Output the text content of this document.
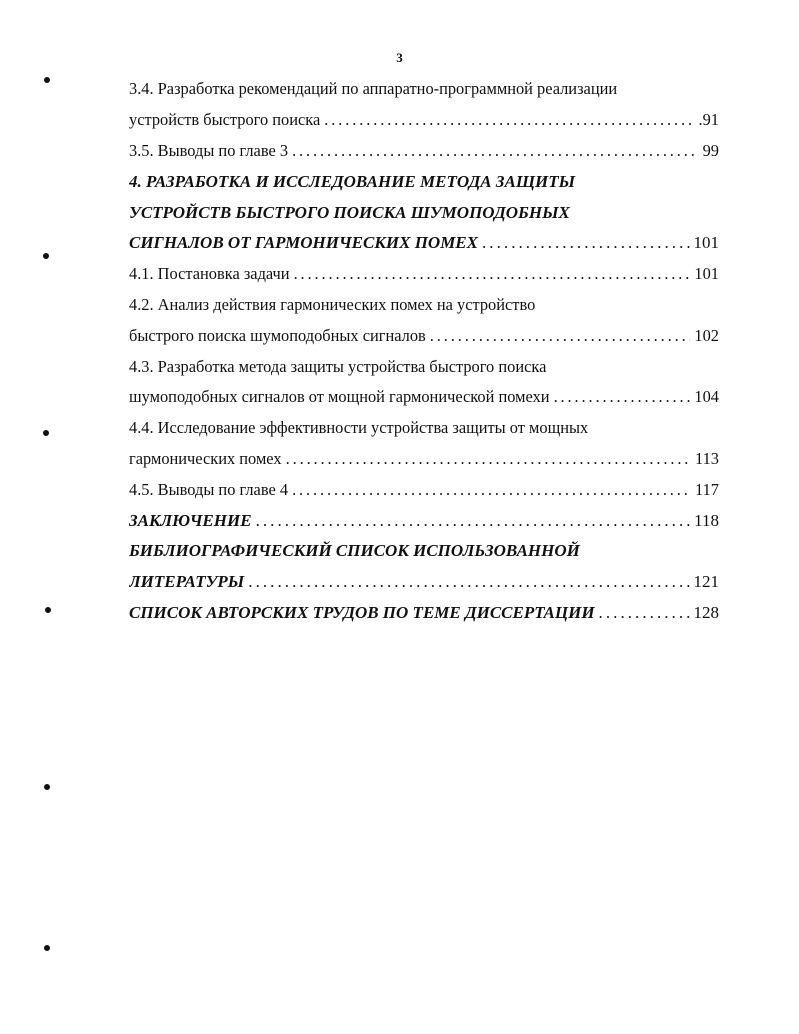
3
3.4. Разработка рекомендаций по аппаратно-программной реализации
устройств быстрого поиска . . .	.91
3.5. Выводы по главе 3 . . .	99
4. РАЗРАБОТКА И ИССЛЕДОВАНИЕ МЕТОДА ЗАЩИТЫ
УСТРОЙСТВ БЫСТРОГО ПОИСКА ШУМОПОДОБНЫХ
СИГНАЛОВ ОТ ГАРМОНИЧЕСКИХ ПОМЕХ . . .	101
4.1. Постановка задачи . . .	101
4.2. Анализ действия гармонических помех на устройство
быстрого поиска шумоподобных сигналов . . .	102
4.3. Разработка метода защиты устройства быстрого поиска
шумоподобных сигналов от мощной гармонической помехи . . .	104
4.4. Исследование эффективности устройства защиты от мощных
гармонических помех . . .	113
4.5. Выводы по главе 4 . . .	117
ЗАКЛЮЧЕНИЕ . . .	118
БИБЛИОГРАФИЧЕСКИЙ СПИСОК ИСПОЛЬЗОВАННОЙ
ЛИТЕРАТУРЫ . . .	121
СПИСОК АВТОРСКИХ ТРУДОВ ПО ТЕМЕ ДИССЕРТАЦИИ . . .	128
